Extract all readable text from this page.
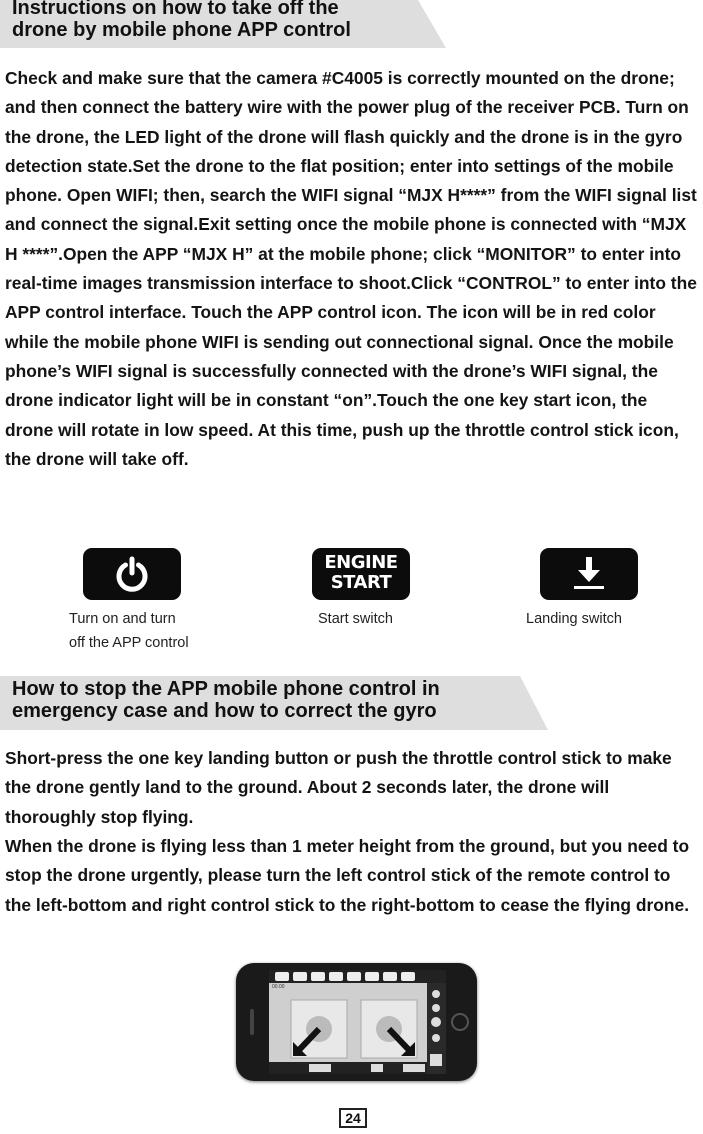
Instructions on how to take off the
drone by mobile phone APP control

Check and make sure that the camera #C4005 is correctly mounted on the drone; and then connect the battery wire with the power plug of the receiver PCB. Turn on the drone, the LED light of the drone will flash quickly and the drone is in the gyro detection state.Set the drone to the flat position; enter into settings of the mobile phone. Open WIFI; then, search the WIFI signal “MJX H****” from the WIFI signal list and connect the signal.Exit setting once the mobile phone is connected with “MJX H ****”.Open the APP “MJX H” at the mobile phone; click “MONITOR” to enter into real-time images transmission interface to shoot.Click “CONTROL” to enter into the APP control interface. Touch the APP control icon. The icon will be in red color while the mobile phone WIFI is sending out connectional signal. Once the mobile phone’s WIFI signal is successfully connected with the drone’s WIFI signal, the drone indicator light will be in constant “on”.Touch the one key start icon, the drone will rotate in low speed. At this time, push up the throttle control stick icon, the drone will take off.

Turn on and turn
off the APP control
ENGINE
START
Start switch	Landing switch
How to stop the APP mobile phone control in
emergency case and how to correct the gyro

Short-press the one key landing button or push the throttle control stick to make the drone gently land to the ground. About 2 seconds later, the drone will thoroughly stop flying.

When the drone is flying less than 1 meter height from the ground, but you need to stop the drone urgently, please turn the left control stick of the remote control to the left-bottom and right control stick to the right-bottom to cease the flying drone.

00.00
24
